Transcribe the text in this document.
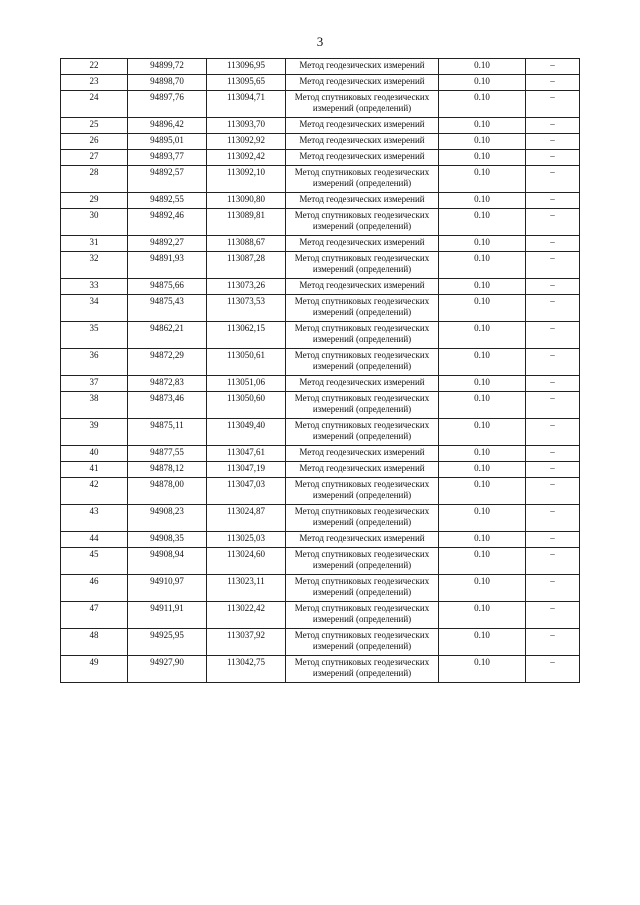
3
22	94899,72	113096,95	Метод геодезических измерений	0.10	–
23	94898,70	113095,65	Метод геодезических измерений	0.10	–
24	94897,76	113094,71	Метод спутниковых геодезических измерений (определений)	0.10	–
25	94896,42	113093,70	Метод геодезических измерений	0.10	–
26	94895,01	113092,92	Метод геодезических измерений	0.10	–
27	94893,77	113092,42	Метод геодезических измерений	0.10	–
28	94892,57	113092,10	Метод спутниковых геодезических измерений (определений)	0.10	–
29	94892,55	113090,80	Метод геодезических измерений	0.10	–
30	94892,46	113089,81	Метод спутниковых геодезических измерений (определений)	0.10	–
31	94892,27	113088,67	Метод геодезических измерений	0.10	–
32	94891,93	113087,28	Метод спутниковых геодезических измерений (определений)	0.10	–
33	94875,66	113073,26	Метод геодезических измерений	0.10	–
34	94875,43	113073,53	Метод спутниковых геодезических измерений (определений)	0.10	–
35	94862,21	113062,15	Метод спутниковых геодезических измерений (определений)	0.10	–
36	94872,29	113050,61	Метод спутниковых геодезических измерений (определений)	0.10	–
37	94872,83	113051,06	Метод геодезических измерений	0.10	–
38	94873,46	113050,60	Метод спутниковых геодезических измерений (определений)	0.10	–
39	94875,11	113049,40	Метод спутниковых геодезических измерений (определений)	0.10	–
40	94877,55	113047,61	Метод геодезических измерений	0.10	–
41	94878,12	113047,19	Метод геодезических измерений	0.10	–
42	94878,00	113047,03	Метод спутниковых геодезических измерений (определений)	0.10	–
43	94908,23	113024,87	Метод спутниковых геодезических измерений (определений)	0.10	–
44	94908,35	113025,03	Метод геодезических измерений	0.10	–
45	94908,94	113024,60	Метод спутниковых геодезических измерений (определений)	0.10	–
46	94910,97	113023,11	Метод спутниковых геодезических измерений (определений)	0.10	–
47	94911,91	113022,42	Метод спутниковых геодезических измерений (определений)	0.10	–
48	94925,95	113037,92	Метод спутниковых геодезических измерений (определений)	0.10	–
49	94927,90	113042,75	Метод спутниковых геодезических измерений (определений)	0.10	–
